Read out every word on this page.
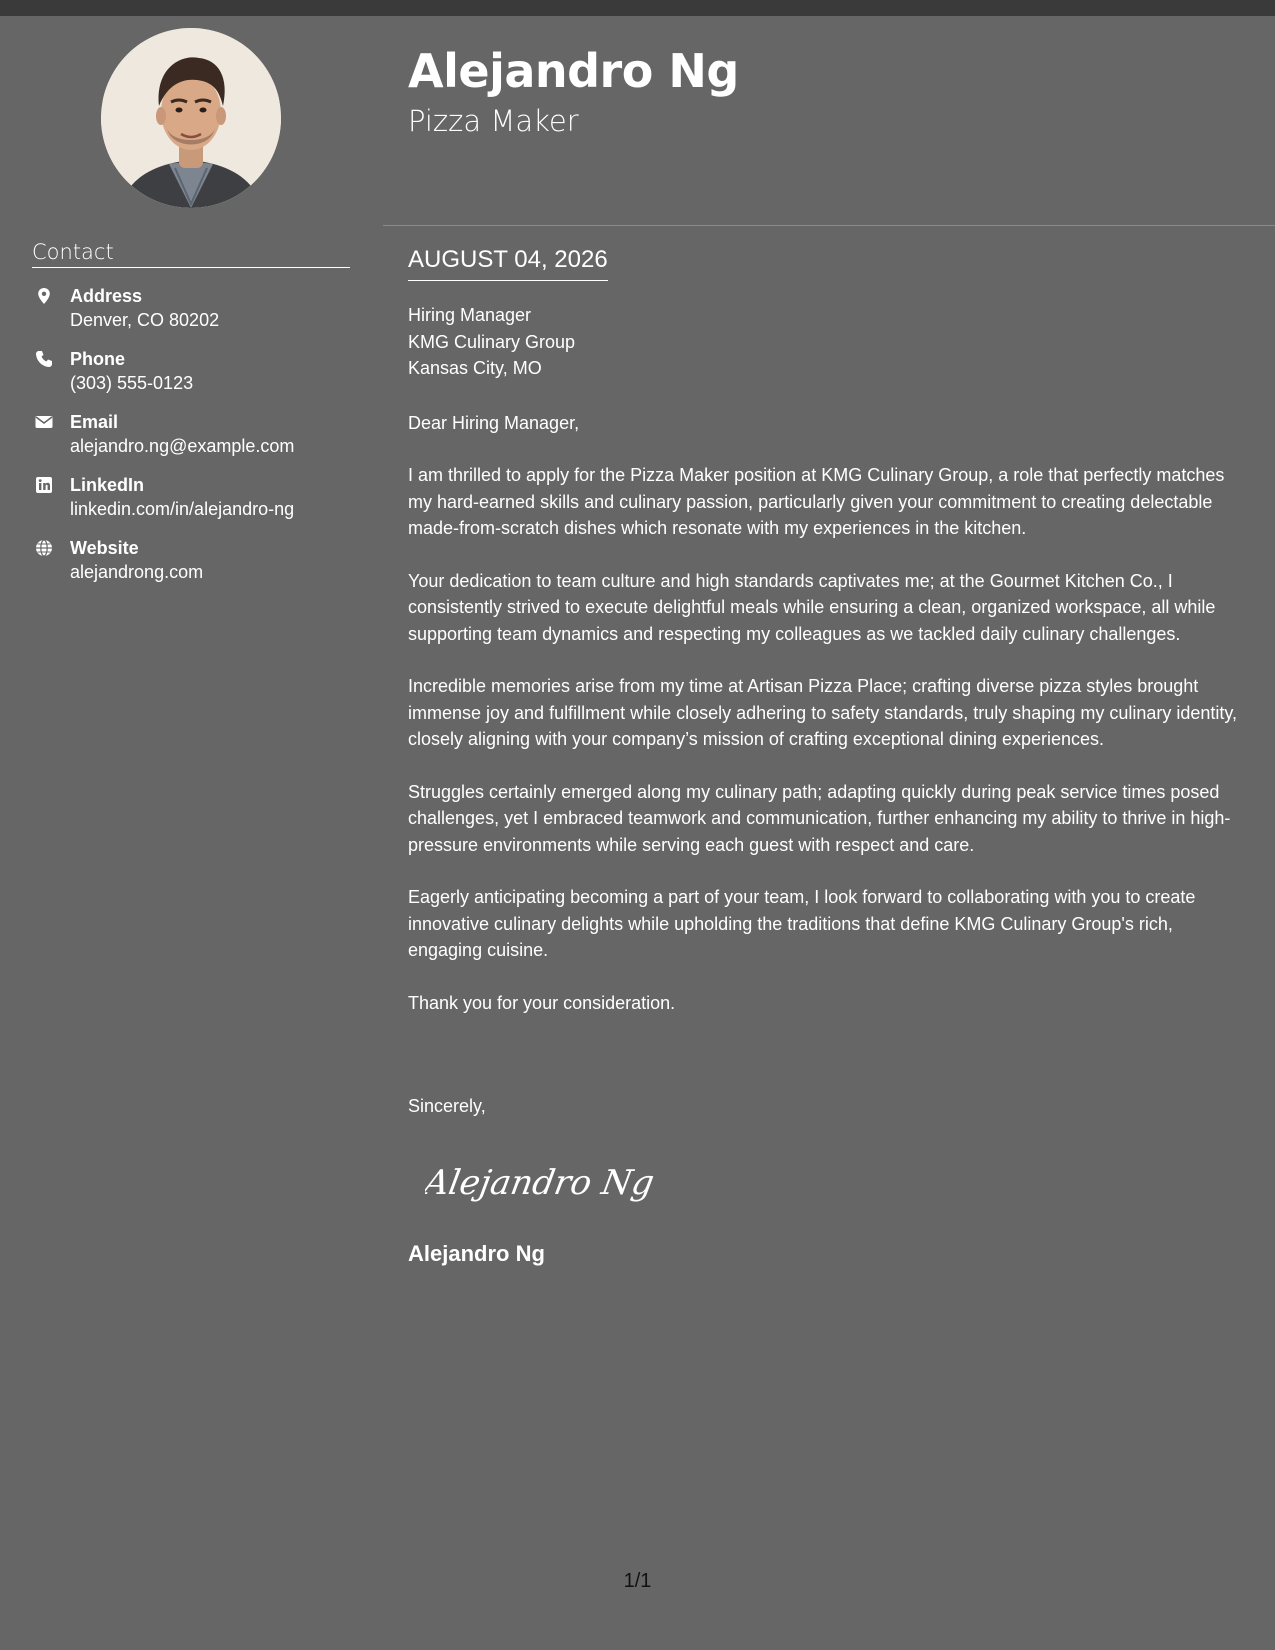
Alejandro Ng
Pizza Maker
Contact
Address
Denver, CO 80202
Phone
(303) 555-0123
Email
alejandro.ng@example.com
LinkedIn
linkedin.com/in/alejandro-ng
Website
alejandrong.com
AUGUST 04, 2026

Hiring Manager

KMG Culinary Group

Kansas City, MO

Dear Hiring Manager,

I am thrilled to apply for the Pizza Maker position at KMG Culinary Group, a role that perfectly matches my hard-earned skills and culinary passion, particularly given your commitment to creating delectable made-from-scratch dishes which resonate with my experiences in the kitchen.

Your dedication to team culture and high standards captivates me; at the Gourmet Kitchen Co., I consistently strived to execute delightful meals while ensuring a clean, organized workspace, all while supporting team dynamics and respecting my colleagues as we tackled daily culinary challenges.

Incredible memories arise from my time at Artisan Pizza Place; crafting diverse pizza styles brought immense joy and fulfillment while closely adhering to safety standards, truly shaping my culinary identity, closely aligning with your company’s mission of crafting exceptional dining experiences.

Struggles certainly emerged along my culinary path; adapting quickly during peak service times posed challenges, yet I embraced teamwork and communication, further enhancing my ability to thrive in high-pressure environments while serving each guest with respect and care.

Eagerly anticipating becoming a part of your team, I look forward to collaborating with you to create innovative culinary delights while upholding the traditions that define KMG Culinary Group's rich, engaging cuisine.

Thank you for your consideration.

Sincerely,
Alejandro Ng
Alejandro Ng
1/1
